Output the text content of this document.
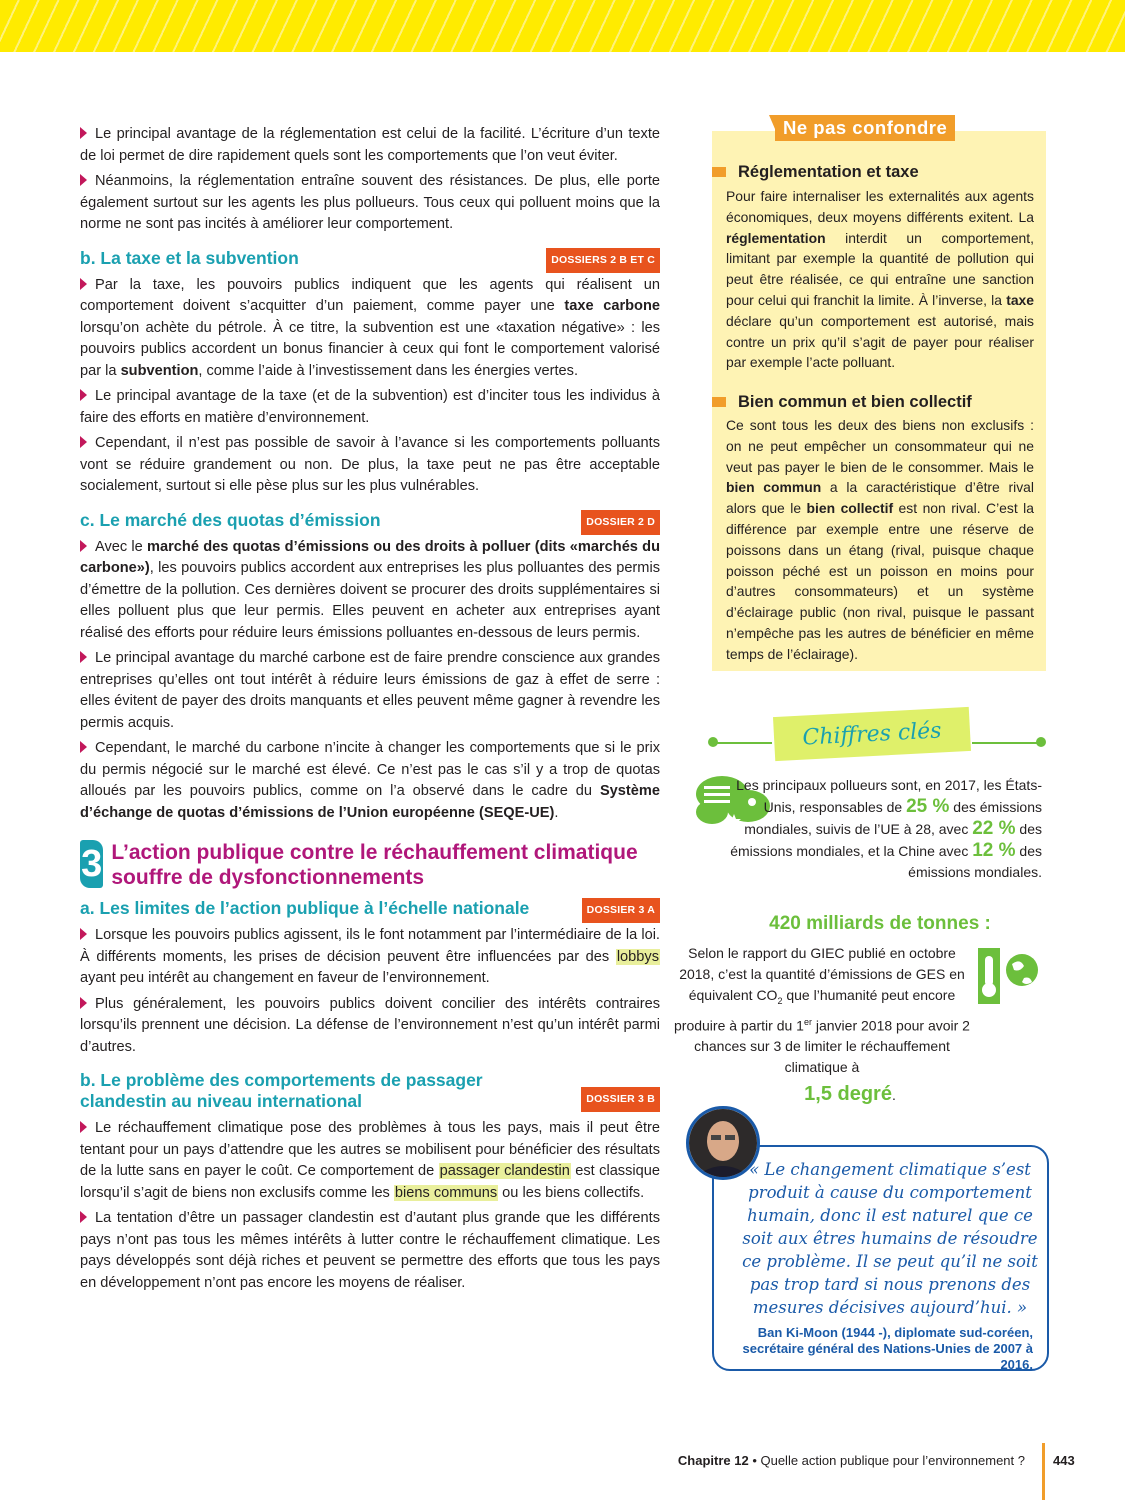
Le principal avantage de la réglementation est celui de la facilité. L’écriture d’un texte de loi permet de dire rapidement quels sont les comportements que l’on veut éviter.

Néanmoins, la réglementation entraîne souvent des résistances. De plus, elle porte également surtout sur les agents les plus pollueurs. Tous ceux qui polluent moins que la norme ne sont pas incités à améliorer leur comportement.

b. La taxe et la subvention	DOSSIERS 2 B ET C

Par la taxe, les pouvoirs publics indiquent que les agents qui réalisent un comportement doivent s’acquitter d’un paiement, comme payer une taxe carbone lorsqu’on achète du pétrole. À ce titre, la subvention est une «taxation négative» : les pouvoirs publics accordent un bonus financier à ceux qui font le comportement valorisé par la subvention, comme l’aide à l’investissement dans les énergies vertes.

Le principal avantage de la taxe (et de la subvention) est d’inciter tous les individus à faire des efforts en matière d’environnement.

Cependant, il n’est pas possible de savoir à l’avance si les comportements polluants vont se réduire grandement ou non. De plus, la taxe peut ne pas être acceptable socialement, surtout si elle pèse plus sur les plus vulnérables.

c. Le marché des quotas d’émission	DOSSIER 2 D

Avec le marché des quotas d’émissions ou des droits à polluer (dits «marchés du carbone»), les pouvoirs publics accordent aux entreprises les plus polluantes des permis d’émettre de la pollution. Ces dernières doivent se procurer des droits supplémentaires si elles polluent plus que leur permis. Elles peuvent en acheter aux entreprises ayant réalisé des efforts pour réduire leurs émissions polluantes en-dessous de leurs permis.

Le principal avantage du marché carbone est de faire prendre conscience aux grandes entreprises qu’elles ont tout intérêt à réduire leurs émissions de gaz à effet de serre : elles évitent de payer des droits manquants et elles peuvent même gagner à revendre les permis acquis.

Cependant, le marché du carbone n’incite à changer les comportements que si le prix du permis négocié sur le marché est élevé. Ce n’est pas le cas s’il y a trop de quotas alloués par les pouvoirs publics, comme on l’a observé dans le cadre du Système d’échange de quotas d’émissions de l’Union européenne (SEQE-UE).

3 L’action publique contre le réchauffement climatique souffre de dysfonctionnements
a. Les limites de l’action publique à l’échelle nationale	DOSSIER 3 A

Lorsque les pouvoirs publics agissent, ils le font notamment par l’intermédiaire de la loi. À différents moments, les prises de décision peuvent être influencées par des lobbys ayant peu intérêt au changement en faveur de l’environnement.

Plus généralement, les pouvoirs publics doivent concilier des intérêts contraires lorsqu’ils prennent une décision. La défense de l’environnement n’est qu’un intérêt parmi d’autres.

b. Le problème des comportements de passager clandestin au niveau international	DOSSIER 3 B

Le réchauffement climatique pose des problèmes à tous les pays, mais il peut être tentant pour un pays d’attendre que les autres se mobilisent pour bénéficier des résultats de la lutte sans en payer le coût. Ce comportement de passager clandestin est classique lorsqu’il s’agit de biens non exclusifs comme les biens communs ou les biens collectifs.

La tentation d’être un passager clandestin est d’autant plus grande que les différents pays n’ont pas tous les mêmes intérêts à lutter contre le réchauffement climatique. Les pays développés sont déjà riches et peuvent se permettre des efforts que tous les pays en développement n’ont pas encore les moyens de réaliser.

Ne pas confondre
Réglementation et taxe
Pour faire internaliser les externalités aux agents économiques, deux moyens différents exitent. La réglementation interdit un comportement, limitant par exemple la quantité de pollution qui peut être réalisée, ce qui entraîne une sanction pour celui qui franchit la limite. À l’inverse, la taxe déclare qu’un comportement est autorisé, mais contre un prix qu’il s’agit de payer pour réaliser par exemple l’acte polluant.
Bien commun et bien collectif
Ce sont tous les deux des biens non exclusifs : on ne peut empêcher un consommateur qui ne veut pas payer le bien de le consommer. Mais le bien commun a la caractéristique d’être rival alors que le bien collectif est non rival. C’est la différence par exemple entre une réserve de poissons dans un étang (rival, puisque chaque poisson péché est un poisson en moins pour d’autres consommateurs) et un système d’éclairage public (non rival, puisque le passant n’empêche pas les autres de bénéficier en même temps de l’éclairage).
Chiffres clés
Les principaux pollueurs sont, en 2017, les États-Unis, responsables de 25 % des émissions mondiales, suivis de l’UE à 28, avec 22 % des émissions mondiales, et la Chine avec 12 % des émissions mondiales.
420 milliards de tonnes :
Selon le rapport du GIEC publié en octobre 2018, c’est la quantité d’émissions de GES en équivalent $CO_2$ que l’humanité peut encore produire à partir du 1er janvier 2018 pour avoir 2 chances sur 3 de limiter le réchauffement climatique à
1,5 degré.
« Le changement climatique s’est produit à cause du comportement humain, donc il est naturel que ce soit aux êtres humains de résoudre ce problème. Il se peut qu’il ne soit pas trop tard si nous prenons des mesures décisives aujourd’hui. »
Ban Ki-Moon (1944 -), diplomate sud-coréen, secrétaire général des Nations-Unies de 2007 à 2016.
Chapitre 12 • Quelle action publique pour l’environnement ? 443
